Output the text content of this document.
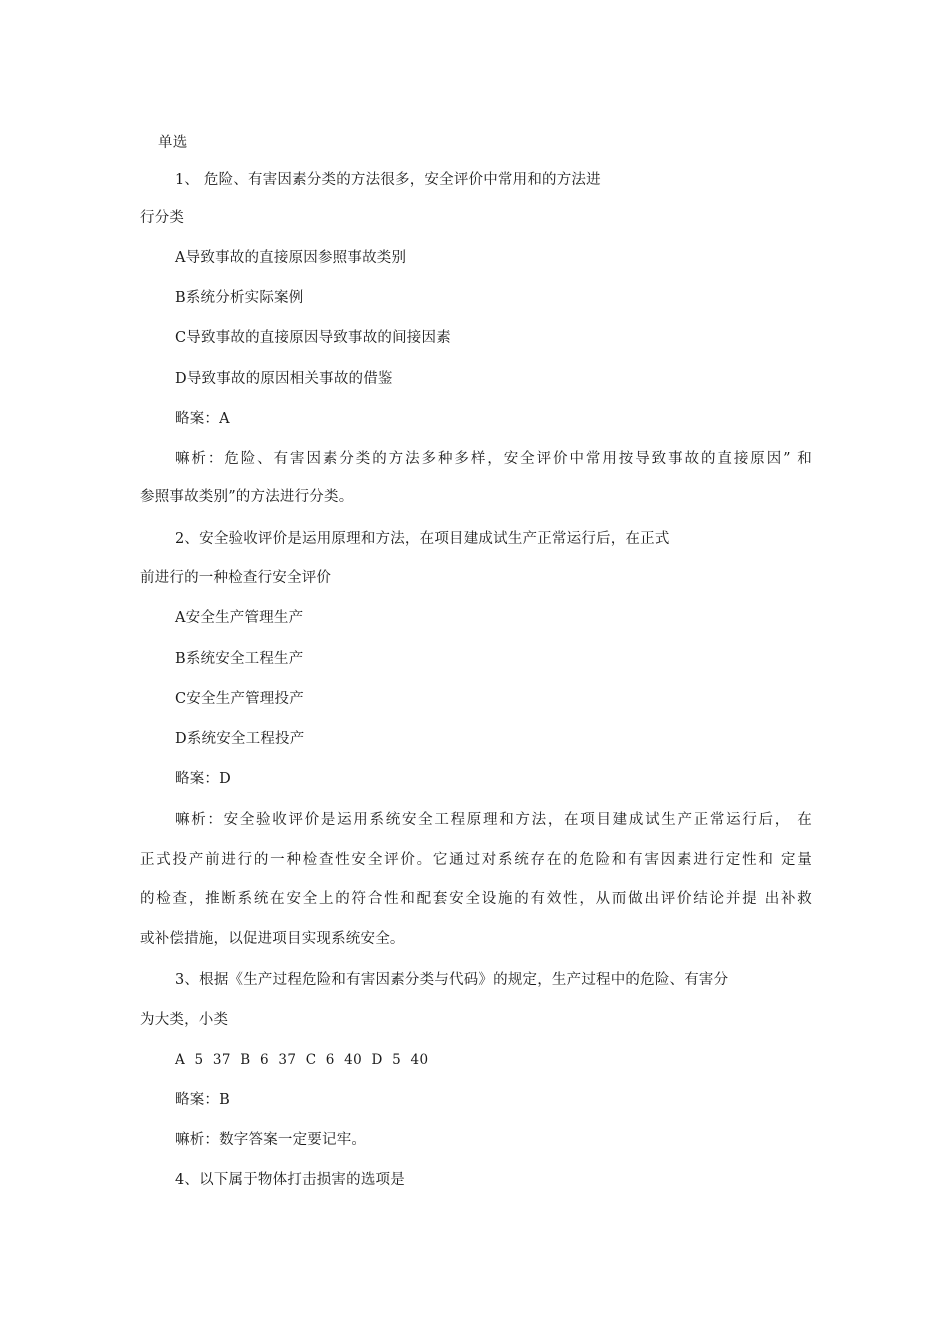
单选
1、 危险、有害因素分类的方法很多，安全评价中常用和的方法进
行分类
A导致事故的直接原因参照事故类别
B系统分析实际案例
C导致事故的直接原因导致事故的间接因素
D导致事故的原因相关事故的借鉴
略案：A
嘛析：危险、有害因素分类的方法多种多样，安全评价中常用按导致事故的直接原因” 和
参照事故类别”的方法进行分类。
2、安全验收评价是运用原理和方法，在项目建成试生产正常运行后，在正式
前进行的一种检查行安全评价
A安全生产管理生产
B系统安全工程生产
C安全生产管理投产
D系统安全工程投产
略案：D
嘛析：安全验收评价是运用系统安全工程原理和方法，在项目建成试生产正常运行后， 在
正式投产前进行的一种检查性安全评价。它通过对系统存在的危险和有害因素进行定性和 定量
的检查，推断系统在安全上的符合性和配套安全设施的有效性，从而做出评价结论并提 出补救
或补偿措施，以促进项目实现系统安全。
3、根据《生产过程危险和有害因素分类与代码》的规定，生产过程中的危险、有害分
为大类，小类
A  5  37  B  6  37  C  6  40  D  5  40
略案：B
嘛析：数字答案一定要记牢。
4、以下属于物体打击损害的选项是
